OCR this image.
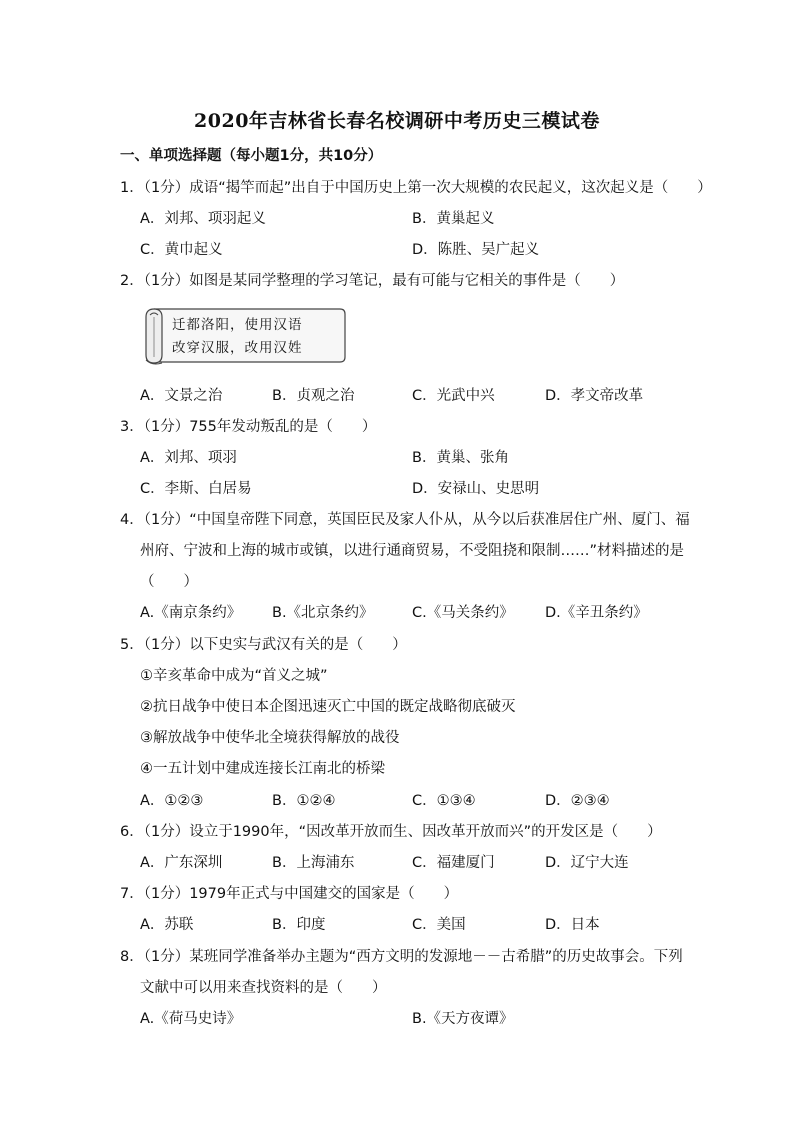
2020年吉林省长春名校调研中考历史三模试卷
一、单项选择题（每小题1分，共10分）
1．（1分）成语“揭竿而起”出自于中国历史上第一次大规模的农民起义，这次起义是（　　）
A．刘邦、项羽起义	B．黄巢起义
C．黄巾起义	D．陈胜、吴广起义
2．（1分）如图是某同学整理的学习笔记，最有可能与它相关的事件是（　　）
迁都洛阳，使用汉语
改穿汉服，改用汉姓
A．文景之治	B．贞观之治	C．光武中兴	D．孝文帝改革
3．（1分）755年发动叛乱的是（　　）
A．刘邦、项羽	B．黄巢、张角
C．李斯、白居易	D．安禄山、史思明
4．（1分）“中国皇帝陛下同意，英国臣民及家人仆从，从今以后获准居住广州、厦门、福
州府、宁波和上海的城市或镇，以进行通商贸易，不受阻挠和限制……”材料描述的是
（　　）
A.《南京条约》 B.《北京条约》	C.《马关条约》 D.《辛丑条约》
5．（1分）以下史实与武汉有关的是（　　）
①辛亥革命中成为“首义之城”
②抗日战争中使日本企图迅速灭亡中国的既定战略彻底破灭
③解放战争中使华北全境获得解放的战役
④一五计划中建成连接长江南北的桥梁
A．①②③	B．①②④	C．①③④	D．②③④
6．（1分）设立于1990年，“因改革开放而生、因改革开放而兴”的开发区是（　　）
A．广东深圳	B．上海浦东	C．福建厦门	D．辽宁大连
7．（1分）1979年正式与中国建交的国家是（　　）
A．苏联	B．印度	C．美国	D．日本
8．（1分）某班同学准备举办主题为“西方文明的发源地－－古希腊”的历史故事会。下列
文献中可以用来查找资料的是（　　）
A.《荷马史诗》	B.《天方夜谭》
